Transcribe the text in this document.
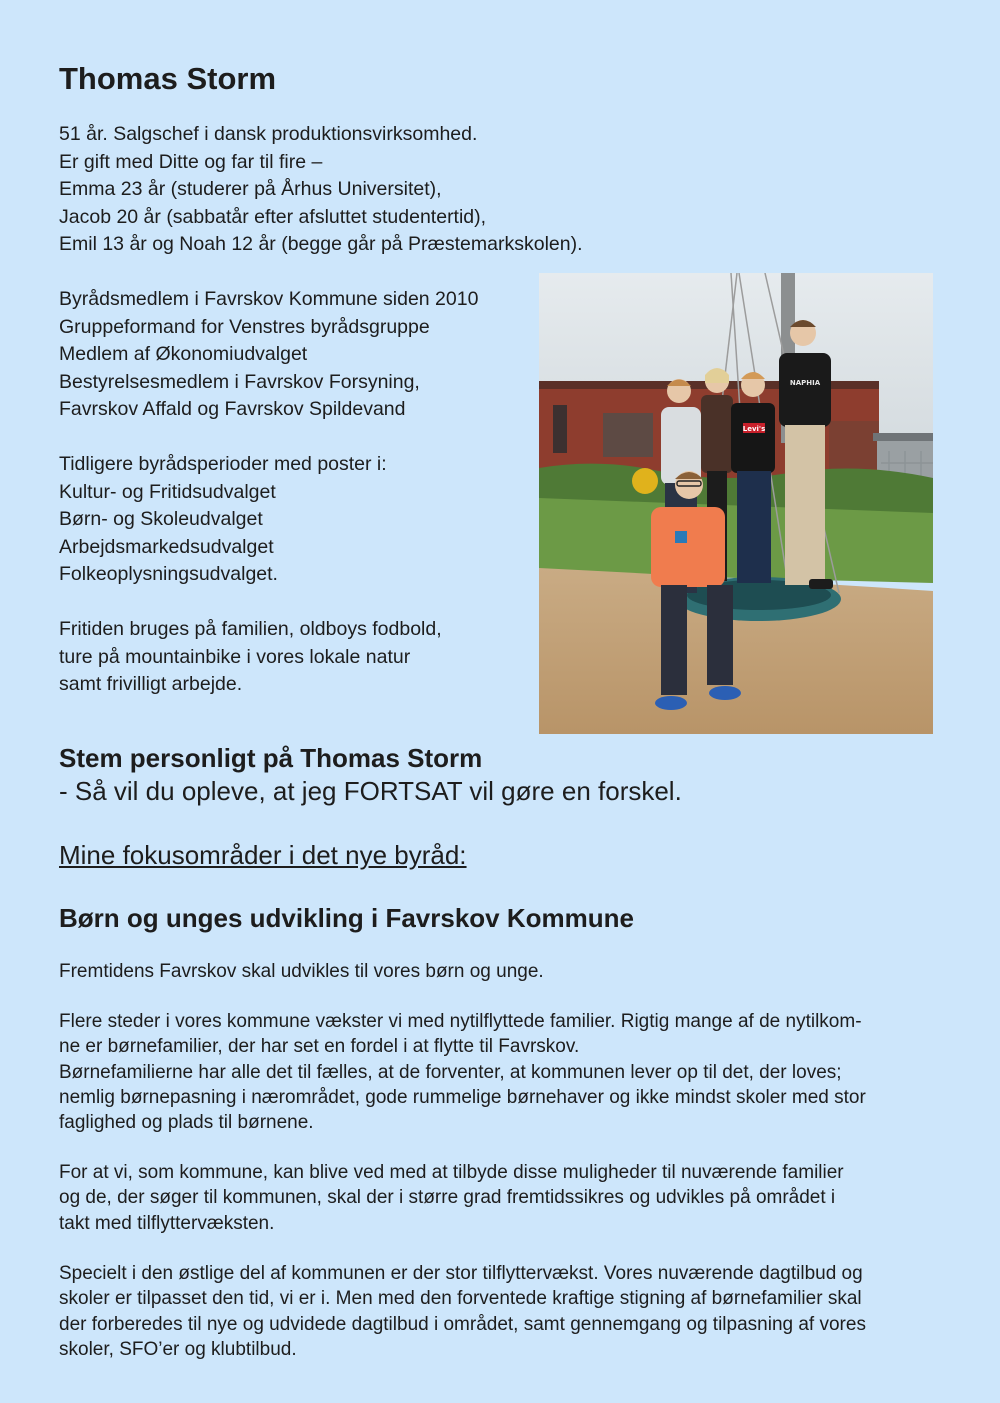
Thomas Storm
51 år. Salgschef i dansk produktionsvirksomhed.
Er gift med Ditte og far til fire –
Emma 23 år (studerer på Århus Universitet),
Jacob 20 år (sabbatår efter afsluttet studentertid),
Emil 13 år og Noah 12 år (begge går på Præstemarkskolen).
Byrådsmedlem i Favrskov Kommune siden 2010
Gruppeformand for Venstres byrådsgruppe
Medlem af Økonomiudvalget
Bestyrelsesmedlem i Favrskov Forsyning,
Favrskov Affald og Favrskov Spildevand
Tidligere byrådsperioder med poster i:
Kultur- og Fritidsudvalget
Børn- og Skoleudvalget
Arbejdsmarkedsudvalget
Folkeoplysningsudvalget.
Fritiden bruges på familien, oldboys fodbold,
ture på mountainbike i vores lokale natur
samt frivilligt arbejde.
Levi's
NAPHIA
Stem personligt på Thomas Storm

- Så vil du opleve, at jeg FORTSAT vil gøre en forskel.

Mine fokusområder i det nye byråd:

Børn og unges udvikling i Favrskov Kommune
Fremtidens Favrskov skal udvikles til vores børn og unge.
Flere steder i vores kommune vækster vi med nytilflyttede familier. Rigtig mange af de nytilkom-
ne er børnefamilier, der har set en fordel i at flytte til Favrskov.
Børnefamilierne har alle det til fælles, at de forventer, at kommunen lever op til det, der loves;
nemlig børnepasning i nærområdet, gode rummelige børnehaver og ikke mindst skoler med stor
faglighed og plads til børnene.
For at vi, som kommune, kan blive ved med at tilbyde disse muligheder til nuværende familier
og de, der søger til kommunen, skal der i større grad fremtidssikres og udvikles på området i
takt med tilflyttervæksten.
Specielt i den østlige del af kommunen er der stor tilflyttervækst. Vores nuværende dagtilbud og
skoler er tilpasset den tid, vi er i. Men med den forventede kraftige stigning af børnefamilier skal
der forberedes til nye og udvidede dagtilbud i området, samt gennemgang og tilpasning af vores
skoler, SFO’er og klubtilbud.
